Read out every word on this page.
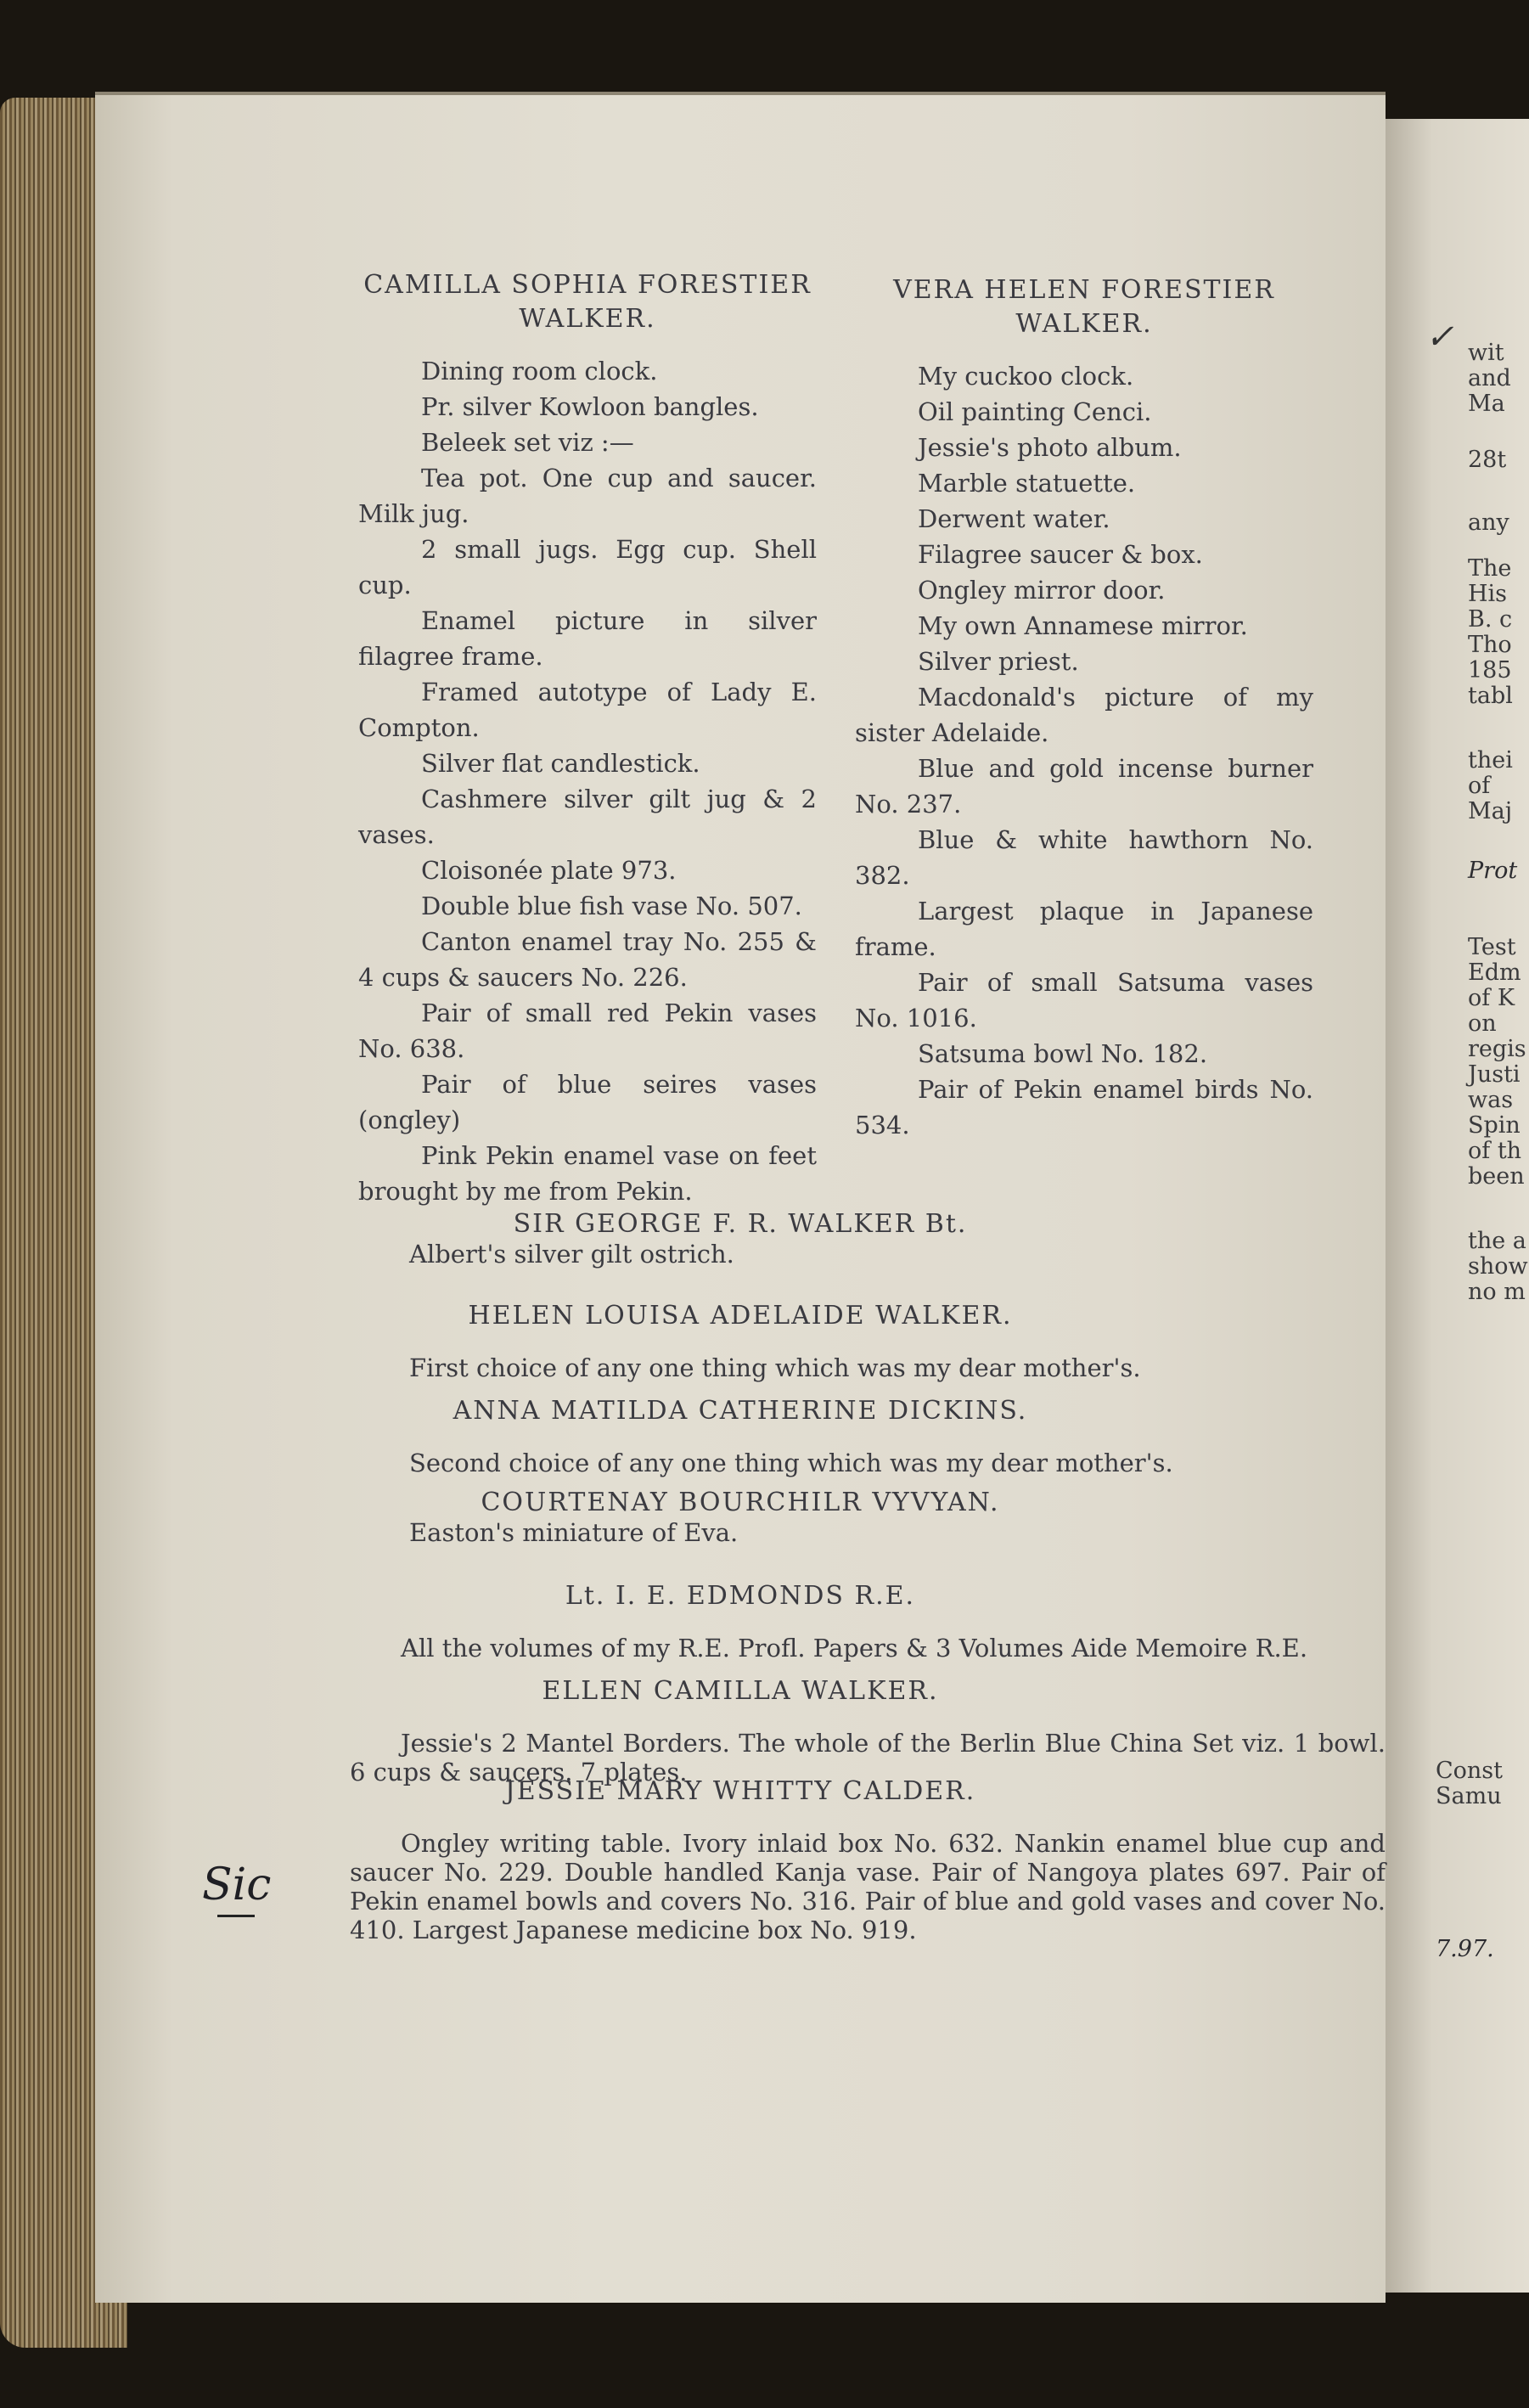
✓ wit
and
Ma
28t
any
The
His
B. c
Tho
185
tabl
thei
of
Maj
Prot
Test
Edm
of K
on
regis
Justi
was
Spin
of th
been
the a
show
no m
Const
Samu
7.97.
CAMILLA SOPHIA FORESTIER
WALKER.

Dining room clock.

Pr. silver Kowloon bangles.

Beleek set viz :—

Tea pot. One cup and saucer. Milk jug.

2 small jugs. Egg cup. Shell cup.

Enamel picture in silver filagree frame.

Framed autotype of Lady E. Compton.

Silver flat candlestick.

Cashmere silver gilt jug & 2 vases.

Cloisonée plate 973.

Double blue fish vase No. 507.

Canton enamel tray No. 255 & 4 cups & saucers No. 226.

Pair of small red Pekin vases No. 638.

Pair of blue seires vases (ongley)

Pink Pekin enamel vase on feet brought by me from Pekin.

VERA HELEN FORESTIER
WALKER.

My cuckoo clock.

Oil painting Cenci.

Jessie's photo album.

Marble statuette.

Derwent water.

Filagree saucer & box.

Ongley mirror door.

My own Annamese mirror.

Silver priest.

Macdonald's picture of my sister Adelaide.

Blue and gold incense burner No. 237.

Blue & white hawthorn No. 382.

Largest plaque in Japanese frame.

Pair of small Satsuma vases No. 1016.

Satsuma bowl No. 182.

Pair of Pekin enamel birds No. 534.

SIR GEORGE F. R. WALKER Bt.
Albert's silver gilt ostrich.
HELEN LOUISA ADELAIDE WALKER.
First choice of any one thing which was my dear mother's.
ANNA MATILDA CATHERINE DICKINS.
Second choice of any one thing which was my dear mother's.
COURTENAY BOURCHILR VYVYAN.
Easton's miniature of Eva.
Lt. I. E. EDMONDS R.E.
All the volumes of my R.E. Profl. Papers & 3 Volumes Aide Memoire R.E.
ELLEN CAMILLA WALKER.
Jessie's 2 Mantel Borders. The whole of the Berlin Blue China Set viz. 1 bowl. 6 cups & saucers. 7 plates.
JESSIE MARY WHITTY CALDER.
Ongley writing table. Ivory inlaid box No. 632. Nankin enamel blue cup and saucer No. 229. Double handled Kanja vase. Pair of Nangoya plates 697. Pair of Pekin enamel bowls and covers No. 316. Pair of blue and gold vases and cover No. 410. Largest Japanese medicine box No. 919.
Sic
